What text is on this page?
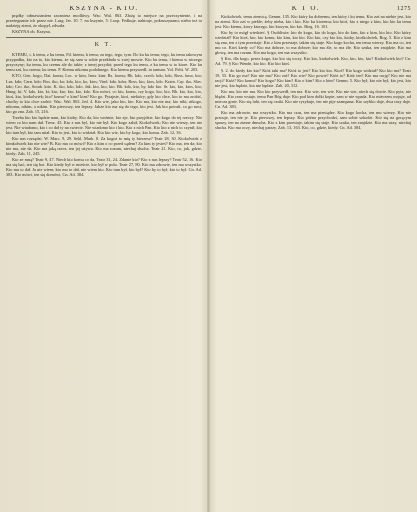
KSZYNA - KTO.
prędky odmawianiem zaczniesz modlitwy. Wac. Wal. 863. Złożę to miejsce na przeczynienie, i na przeżegnanie ich przez nie. Lasg. Jer. 10. 7. na kszynie, 5. Loop. Fedkuje, nabiraje, pokruszynami; niebo też to nadzieję ziemi, że okopył, zdwała.
KSZYNA ob. Kszyna.
K T.
KTEMU, t. k temu, z ku temu, Fd. ktemu, k temu; za tego, tego, tym. Do ku ku temu; tego, ku temu takowym przypadku, kto na to, kto ktemu, że się sam w sobie przekłada w swej mowie. Kto ku temu, i ktemu w niczego przyczyny; ku temu, ku czemu ale do takie; z innej przydat; przed tego ku temu, z ku temu w to ktore. Kto ku temu zaś, ku czemu; ku temu. P. Ktemu nikomu podobnego. Kto ktemu przyszedł, in tantum: Vol. Pelit. W. 203.
KTO, Gen. kogo, Dat. komu, Loc. w kim, Instr. kim; Rs. komu; Bh. kdo, czech. kdo, kdo, Ross. kmo, kto; Lus. kdo; Carn. kdo; Bos. tko, ko; kdo, kto, ko, ktos; Vind. kdo, kdor, Ross. kto, ktos, kdo. Krain. Crp. tko, Slav. kdo; Cro. tko, Sorab. kito. K. tko, kdo, kdo. Jak. kto, kto, kto. Bh. kdo, kto, by, kdo kto. Sr. kto, kto, ktos, kto; Hung. ki; V. kdo, kto; ki; kto; kto; kto; kto, kdo. Kto mówi, co kto, komu, czy kogo, kto, kto. Bh. kto, kto, kto, ktoś, kto, ktokolwiek; kto? komu? o kim? kim? Kto go. Pytajnie, ktoś, niektóry; gdy kto chce, kto to ma zrobić, choćby to kto chce zrobić. Wac. Wal. 863. Jed. 4. Kto wie, jako kto, kto. Kto ma, kto nie ma; kto nikt; nikogo, nikomu, nikim, o nikim. Kto pierwszy, ten lepszy. Jakże kto ma się do tego, kto jest. Jak kto potrafi, co go nosi, kto go zna. Zab. 15, 216.
Trzeba kto kto będzie nam, kto ktoby. Kto da, kto weźmie, kto zje, kto przyjdzie, kto kogo do tej rzeczy. Nie wiem co kto nam dał. Tresz. 45. Kto z nas byl, kto nie był. Kto kogo zabił, Ktokolwiek; Kto nie wierzy, ten nie jest. Nie wiadomo, kto i co dał ty na swiecie. Nie wiadomo kto i kto. Kto z nich Pan. Kto kto z nich to czynił, kto kto tam był, kto tam miał. Kto to jest, kto to widział. Kto kto wie, kto by kogo, kto komu. Zab. 12, 36.
Kto nas rozsądzi. W. Marc. 9, 29. Sekl. Mark. 8. Za kogoż to mię ty bierzesz? Teatr 28, 30. Ktokolwiek z kimkolwiek kto nie wie? B. Kto ma co mówi? Kto z kim o co przed sądem? Za kim ty jesteś? Kto ma, ten da; kto nie ma, nie da. Kto ma jaką rzecz, ten jej używa. Kto ma rozum, niechaj słucha. Teatr 21. Kto, co, jak, gdzie, kiedy; Zab. 11, 245.
Kto ze mną? Teatr 9, 47. Niech kto komu co da, Teatr 31, 24. Zdanie kto? Kto z nas lepszy? Teatr 52, 16. Kto ma się bać, ten się boi. Kto kiedy był w mieście, kto był w polu. Teatr 27, 80. Kto ma zdrowie, ten ma wszystko. Kto mu to dał. Ja nie wiem; kto mu to dał, nie wiem kto. Kto tam był, kto był? Kto by to był, kto to był. Cn. Ad. 383. Kto mówi, ten się domówi, Cn. Ad. 384.
K T O.	1275
Ktokolwiek, temu ziemicą. Gemm. 135. Kto który ku dobremu, ten który i ku temu. Kto zaś na niebie jest, kto na ziemi. Kto zaś w piekle; żeby nieba, kto i kto. Kto ku ktoremu; kto ktoś, kto z niego z kim, kto kto ku temu jest. Kto ktemu, ktory ktorego, kto ktorym, kto kto. Bieg. 16. 101.
Kto by to mógł wiedzieć. § Osobliwie; kto do kogo, kto do kogo, kto do kim, kto z kim, kto kto. Kto który wiedział? Kto ktoś, kto; kto komu, kto kim, kto kto. Kto kto, czy kto kto, ktoby, ktośkolwiek, Bog. 5. Kto z kim się zna, ten z tym przestaje. Kto z kim przestaje, takim się staje. Kto kogo kocha, ten temu wierzy. Kto ma co, ten mu co. Ktoś kiedy co? Kto ma dobrze, to ma dobrze; kto ma źle, to ma źle. Kto szuka, ten znajdzie. Kto ma głowę, ten ma rozum. Kto ma kogo, ten ma wszystko.
§ Kto, dla kogo, przez kogo, kto kto się toczy. Kto kto, ktokolwiek. Kto, kto, kto, kto? Ktokolwiek kto? Cn. Ad. 79. § Kto Wende, kto kto. Kto kto ktoś.
§. 2. do kiedy kto kto? Któż taki ma? Któż to jest? Kto kto kto. Ktoś? Kto kogo widział? Kto kto ma? Teatr 19, 55. Kto go ma? Kto nie ma? Kto zaś? Kto wie? Kto powie? Któż to? Któż ten? Kto ma rację? Kto nie ma racji? Któż? Kto komu? Kto kogo? Kto kim? Kto o kim? Kto z kim? Gemm. 5. Kto był, kto nie był, kto jest, kto nie jest, kto będzie, kto nie będzie. Zab. 20, 312.
Kto ma, kto nie ma. Kto kto przyszedł, ten ma. Kto wie, ten wie. Kto nie wie, niech się dowie. Kto pyta, nie błądzi. Kto rano wstaje, temu Pan Bóg daje. Kto pod kim dołki kopie, sam w nie wpada. Kto mieczem wojuje, od miecza ginie. Kto się lubi, ten się czubi. Kto nie ryzykuje, ten nie pije szampana. Kto szybko daje, dwa razy daje. Cn. Ad. 383.
Kto ma zdrowie, ma wszystko. Kto ma czas, ten ma pieniądze. Kto kogo kocha, ten mu wierzy. Kto nie pracuje, ten nie je. Kto pierwszy, ten lepszy. Kto późno przychodzi, sam sobie szkodzi. Kto się na gorącym sparzy, ten na zimne dmucha. Kto z kim przestaje, takim się staje. Kto szuka, ten znajdzie. Kto ma uszy, niechaj słucha. Kto ma oczy, niechaj patrzy. Zab. 13, 163. Kto, co, gdzie, kiedy. Cn. Ad. 384.
